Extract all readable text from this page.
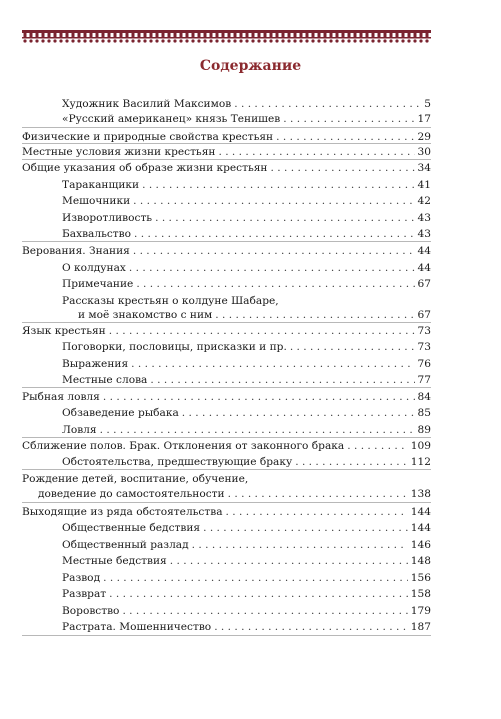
Содержание
Художник Василий Максимов . . .	5
«Русский американец» князь Тенишев . . .	17
Физические и природные свойства крестьян . . .	29
Местные условия жизни крестьян . . .	30
Общие указания об образе жизни крестьян . . .	34
Тараканщики . . .	41
Мешочники . . .	42
Изворотливость . . .	43
Бахвальство . . .	43
Верования. Знания . . .	44
О колдунах . . .	44
Примечание . . .	67
Рассказы крестьян о колдуне Шабаре,
и моё знакомство с ним . . .	67
Язык крестьян . . .	73
Поговорки, пословицы, присказки и пр. . . .	73
Выражения . . .	76
Местные слова . . .	77
Рыбная ловля . . .	84
Обзаведение рыбака . . .	85
Ловля . . .	89
Сближение полов. Брак. Отклонения от законного брака . . .	109
Обстоятельства, предшествующие браку . . .	112
Рождение детей, воспитание, обучение,
доведение до самостоятельности . . .	138
Выходящие из ряда обстоятельства . . .	144
Общественные бедствия . . .	144
Общественный разлад . . .	146
Местные бедствия . . .	148
Развод . . .	156
Разврат . . .	158
Воровство . . .	179
Растрата. Мошенничество . . .	187
